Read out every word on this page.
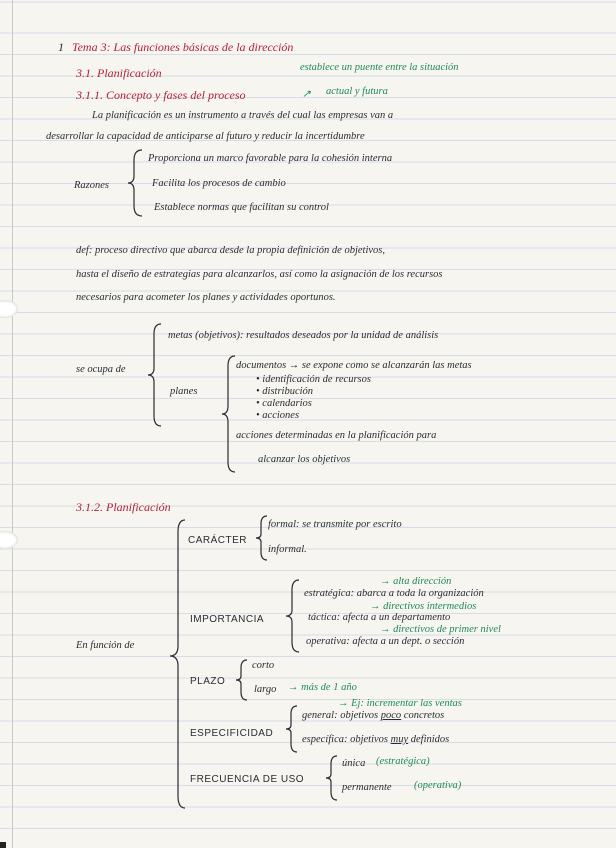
1 Tema 3: Las funciones básicas de la dirección
3.1. Planificación	establece un puente entre la situación
3.1.1. Concepto y fases del proceso	↗ actual y futura
La planificación es un instrumento a través del cual las empresas van a
desarrollar la capacidad de anticiparse al futuro y reducir la incertidumbre
Razones
Proporciona un marco favorable para la cohesión interna
Facilita los procesos de cambio
Establece normas que facilitan su control
def: proceso directivo que abarca desde la propia definición de objetivos,
hasta el diseño de estrategias para alcanzarlos, así como la asignación de los recursos
necesarios para acometer los planes y actividades oportunos.
se ocupa de
metas (objetivos): resultados deseados por la unidad de análisis
planes
documentos → se expone como se alcanzarán las metas
• identificación de recursos
• distribución
• calendarios
• acciones
acciones determinadas en la planificación para
alcanzar los objetivos
3.1.2. Planificación
En función de
CARÁCTER
formal: se transmite por escrito
informal.
IMPORTANCIA
→ alta dirección
estratégica: abarca a toda la organización
→ directivos intermedios
táctica: afecta a un departamento
→ directivos de primer nivel
operativa: afecta a un dept. o sección
PLAZO
corto
largo → más de 1 año
ESPECIFICIDAD
→ Ej: incrementar las ventas
general: objetivos poco concretos
específica: objetivos muy definidos
FRECUENCIA DE USO
única (estratégica)
permanente (operativa)
